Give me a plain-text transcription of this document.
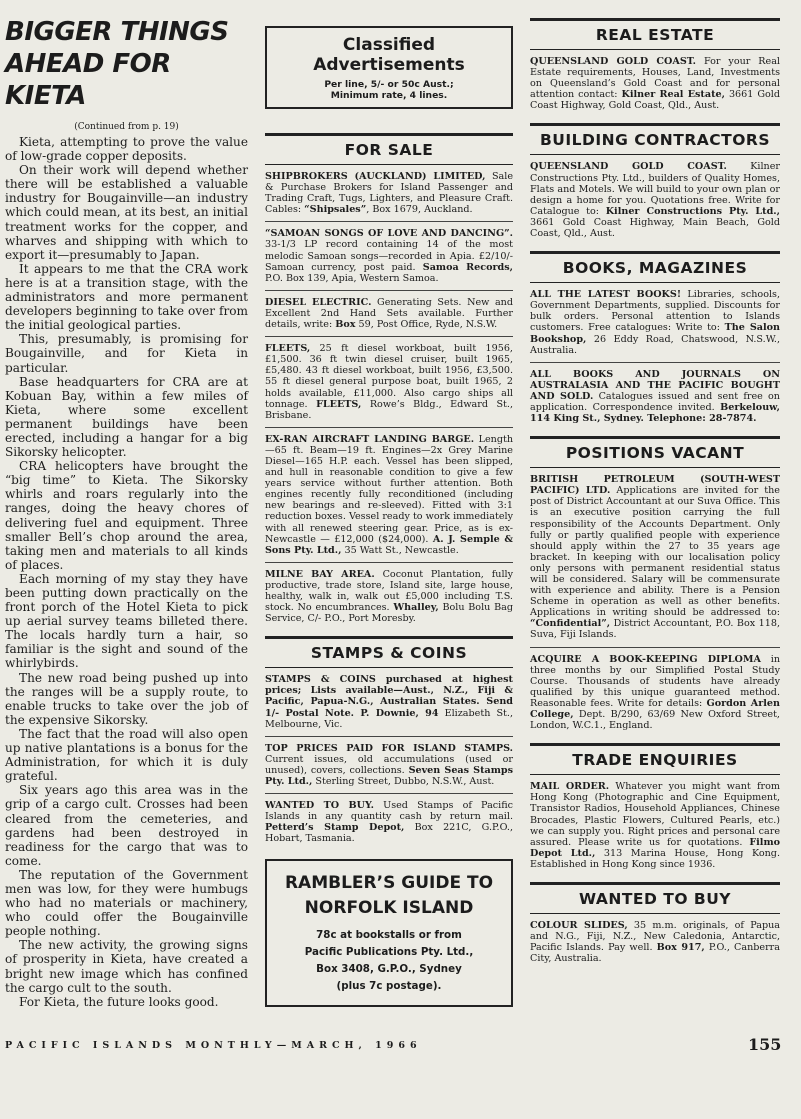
BIGGER THINGS
AHEAD FOR KIETA
(Continued from p. 19)

Kieta, attempting to prove the value of low-grade copper deposits.

On their work will depend whether there will be established a valuable industry for Bougainville—an industry which could mean, at its best, an initial treatment works for the copper, and wharves and shipping with which to export it—presumably to Japan.

It appears to me that the CRA work here is at a transition stage, with the administrators and more permanent developers beginning to take over from the initial geological parties.

This, presumably, is promising for Bougainville, and for Kieta in particular.

Base headquarters for CRA are at Kobuan Bay, within a few miles of Kieta, where some excellent permanent buildings have been erected, including a hangar for a big Sikorsky helicopter.

CRA helicopters have brought the “big time” to Kieta. The Sikorsky whirls and roars regularly into the ranges, doing the heavy chores of delivering fuel and equipment. Three smaller Bell’s chop around the area, taking men and materials to all kinds of places.

Each morning of my stay they have been putting down practically on the front porch of the Hotel Kieta to pick up aerial survey teams billeted there. The locals hardly turn a hair, so familiar is the sight and sound of the whirlybirds.

The new road being pushed up into the ranges will be a supply route, to enable trucks to take over the job of the expensive Sikorsky.

The fact that the road will also open up native plantations is a bonus for the Administration, for which it is duly grateful.

Six years ago this area was in the grip of a cargo cult. Crosses had been cleared from the cemeteries, and gardens had been destroyed in readiness for the cargo that was to come.

The reputation of the Government men was low, for they were humbugs who had no materials or machinery, who could offer the Bougainville people nothing.

The new activity, the growing signs of prosperity in Kieta, have created a bright new image which has confined the cargo cult to the south.

For Kieta, the future looks good.

Classified Advertisements
Per line, 5/- or 50c Aust.;
Minimum rate, 4 lines.
FOR SALE
SHIPBROKERS (AUCKLAND) LIMITED, Sale & Purchase Brokers for Island Passenger and Trading Craft, Tugs, Lighters, and Pleasure Craft. Cables: “Shipsales”, Box 1679, Auckland.
“SAMOAN SONGS OF LOVE AND DANCING”. 33-1/3 LP record containing 14 of the most melodic Samoan songs—recorded in Apia. £2/10/- Samoan currency, post paid. Samoa Records, P.O. Box 139, Apia, Western Samoa.
DIESEL ELECTRIC. Generating Sets. New and Excellent 2nd Hand Sets available. Further details, write: Box 59, Post Office, Ryde, N.S.W.
FLEETS, 25 ft diesel workboat, built 1956, £1,500. 36 ft twin diesel cruiser, built 1965, £5,480. 43 ft diesel workboat, built 1956, £3,500. 55 ft diesel general purpose boat, built 1965, 2 holds available, £11,000. Also cargo ships all tonnage. FLEETS, Rowe’s Bldg., Edward St., Brisbane.
EX-RAN AIRCRAFT LANDING BARGE. Length—65 ft. Beam—19 ft. Engines—2x Grey Marine Diesel—165 H.P. each. Vessel has been slipped, and hull in reasonable condition to give a few years service without further attention. Both engines recently fully reconditioned (including new bearings and re-sleeved). Fitted with 3:1 reduction boxes. Vessel ready to work immediately with all renewed steering gear. Price, as is ex-Newcastle — £12,000 ($24,000). A. J. Semple & Sons Pty. Ltd., 35 Watt St., Newcastle.
MILNE BAY AREA. Coconut Plantation, fully productive, trade store, Island site, large house, healthy, walk in, walk out £5,000 including T.S. stock. No encumbrances. Whalley, Bolu Bolu Bag Service, C/- P.O., Port Moresby.
STAMPS & COINS
STAMPS & COINS purchased at highest prices; Lists available—Aust., N.Z., Fiji & Pacific, Papua-N.G., Australian States. Send 1/- Postal Note. P. Downie, 94 Elizabeth St., Melbourne, Vic.
TOP PRICES PAID FOR ISLAND STAMPS. Current issues, old accumulations (used or unused), covers, collections. Seven Seas Stamps Pty. Ltd., Sterling Street, Dubbo, N.S.W., Aust.
WANTED TO BUY. Used Stamps of Pacific Islands in any quantity cash by return mail. Petterd’s Stamp Depot, Box 221C, G.P.O., Hobart, Tasmania.
RAMBLER’S GUIDE TO
NORFOLK ISLAND
78c at bookstalls or from
Pacific Publications Pty. Ltd.,
Box 3408, G.P.O., Sydney
(plus 7c postage).
REAL ESTATE
QUEENSLAND GOLD COAST. For your Real Estate requirements, Houses, Land, Investments on Queensland’s Gold Coast and for personal attention contact: Kilner Real Estate, 3661 Gold Coast Highway, Gold Coast, Qld., Aust.
BUILDING CONTRACTORS
QUEENSLAND GOLD COAST. Kilner Constructions Pty. Ltd., builders of Quality Homes, Flats and Motels. We will build to your own plan or design a home for you. Quotations free. Write for Catalogue to: Kilner Constructions Pty. Ltd., 3661 Gold Coast Highway, Main Beach, Gold Coast, Qld., Aust.
BOOKS, MAGAZINES
ALL THE LATEST BOOKS! Libraries, schools, Government Departments, supplied. Discounts for bulk orders. Personal attention to Islands customers. Free catalogues: Write to: The Salon Bookshop, 26 Eddy Road, Chatswood, N.S.W., Australia.
ALL BOOKS AND JOURNALS ON AUSTRALASIA AND THE PACIFIC BOUGHT AND SOLD. Catalogues issued and sent free on application. Correspondence invited. Berkelouw, 114 King St., Sydney. Telephone: 28-7874.
POSITIONS VACANT
BRITISH PETROLEUM (SOUTH-WEST PACIFIC) LTD. Applications are invited for the post of District Accountant at our Suva Office. This is an executive position carrying the full responsibility of the Accounts Department. Only fully or partly qualified people with experience should apply within the 27 to 35 years age bracket. In keeping with our localisation policy only persons with permanent residential status will be considered. Salary will be commensurate with experience and ability. There is a Pension Scheme in operation as well as other benefits. Applications in writing should be addressed to: “Confidential”, District Accountant, P.O. Box 118, Suva, Fiji Islands.
ACQUIRE A BOOK-KEEPING DIPLOMA in three months by our Simplified Postal Study Course. Thousands of students have already qualified by this unique guaranteed method. Reasonable fees. Write for details: Gordon Arlen College, Dept. B/290, 63/69 New Oxford Street, London, W.C.1., England.
TRADE ENQUIRIES
MAIL ORDER. Whatever you might want from Hong Kong (Photographic and Cine Equipment, Transistor Radios, Household Appliances, Chinese Brocades, Plastic Flowers, Cultured Pearls, etc.) we can supply you. Right prices and personal care assured. Please write us for quotations. Filmo Depot Ltd., 313 Marina House, Hong Kong. Established in Hong Kong since 1936.
WANTED TO BUY
COLOUR SLIDES, 35 m.m. originals, of Papua and N.G., Fiji, N.Z., New Caledonia, Antarctic, Pacific Islands. Pay well. Box 917, P.O., Canberra City, Australia.
PACIFIC ISLANDS MONTHLY—MARCH, 1966	155
